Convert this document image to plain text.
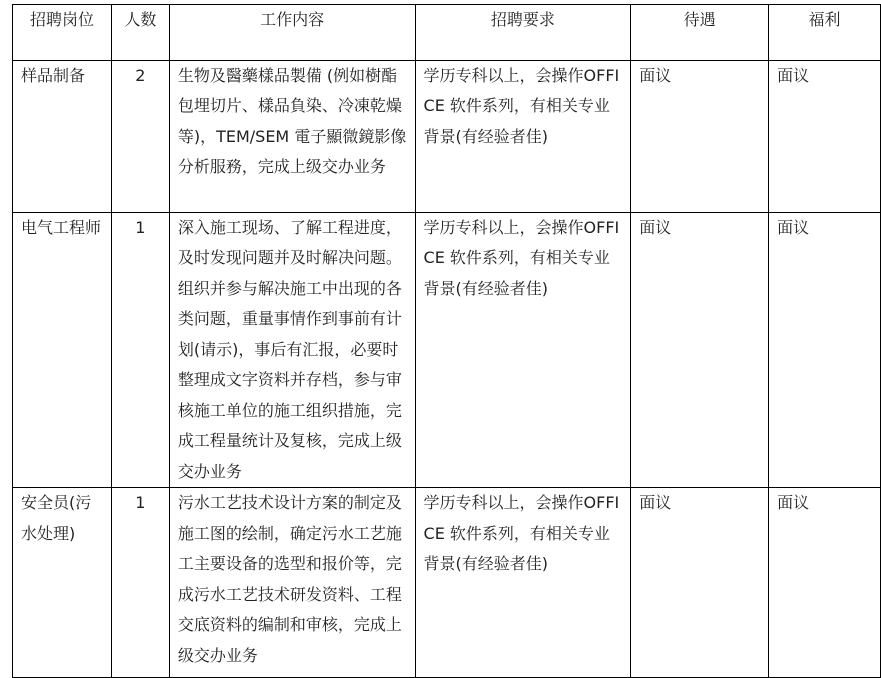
招聘岗位	人数	工作内容	招聘要求	待遇	福利
样品制备	2	生物及醫藥樣品製備 (例如樹酯包埋切片、樣品負染、冷凍乾燥等)，TEM/SEM 電子顯微鏡影像分析服務，完成上级交办业务	学历专科以上，会操作OFFICE 软件系列，有相关专业背景(有经验者佳)	面议	面议
电气工程师	1	深入施工现场、了解工程进度，及时发现问题并及时解决问题。组织并参与解决施工中出现的各类问题，重量事情作到事前有计划(请示)，事后有汇报，必要时整理成文字资料并存档，参与审核施工单位的施工组织措施，完成工程量统计及复核，完成上级交办业务	学历专科以上，会操作OFFICE 软件系列，有相关专业背景(有经验者佳)	面议	面议
安全员(污水处理)	1	污水工艺技术设计方案的制定及施工图的绘制，确定污水工艺施工主要设备的选型和报价等，完成污水工艺技术研发资料、工程交底资料的编制和审核，完成上级交办业务	学历专科以上，会操作OFFICE 软件系列，有相关专业背景(有经验者佳)	面议	面议
